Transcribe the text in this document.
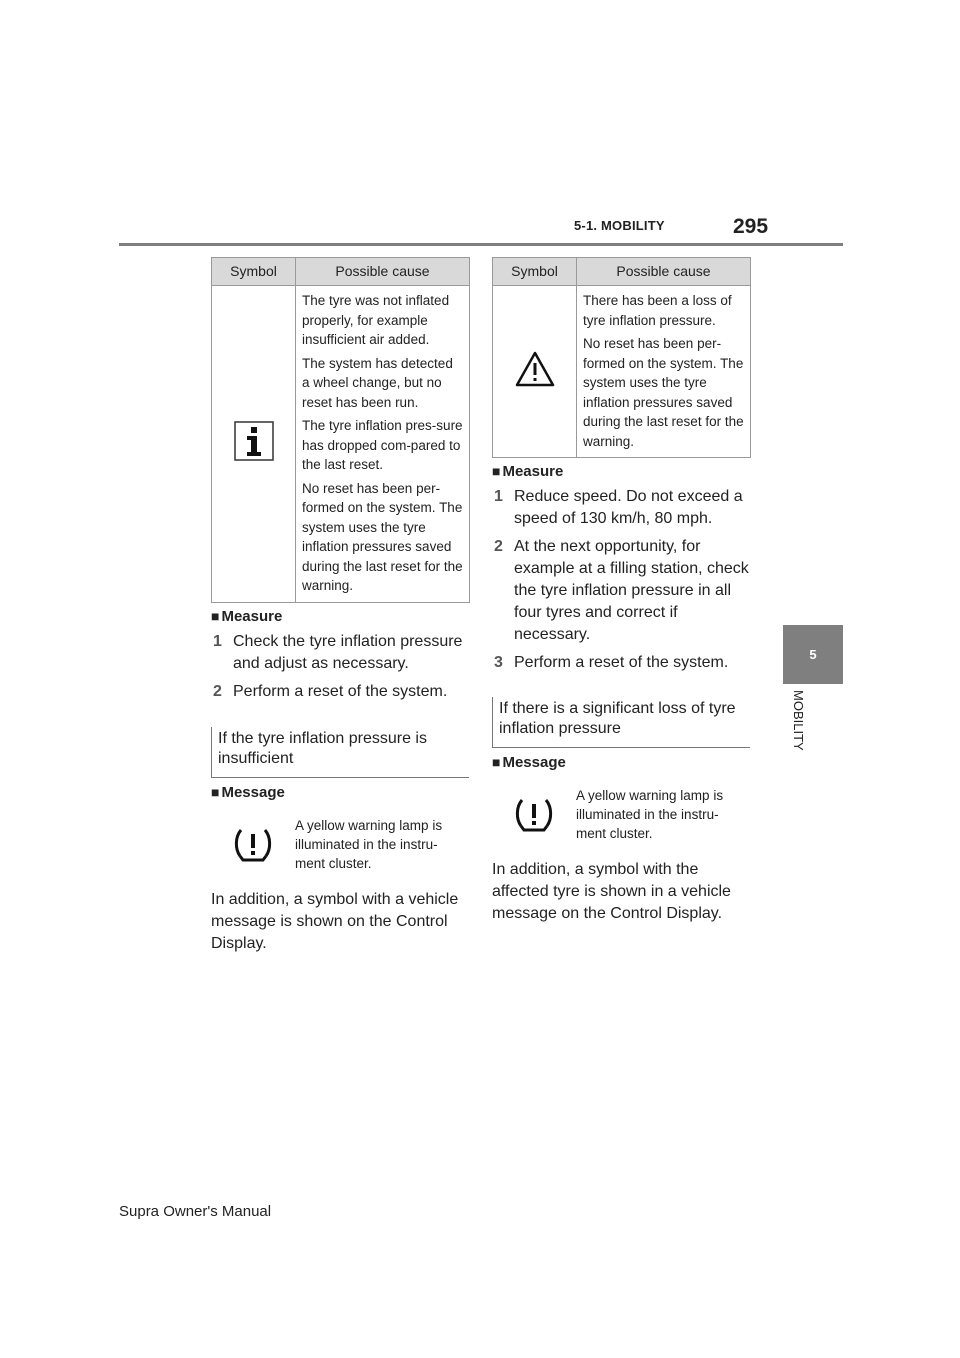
5-1. MOBILITY	295
5
MOBILITY
Symbol	Possible cause

The tyre was not inflated properly, for example insufficient air added.

The system has detected a wheel change, but no reset has been run.

The tyre inflation pres-sure has dropped com-pared to the last reset.

No reset has been per-formed on the system. The system uses the tyre inflation pressures saved during the last reset for the warning.

■ Measure

1 Check the tyre inflation pressure and adjust as necessary.
2 Perform a reset of the system.
If the tyre inflation pressure is insufficient

■ Message

A yellow warning lamp is illuminated in the instru-ment cluster.

In addition, a symbol with a vehicle message is shown on the Control Display.

Symbol	Possible cause

There has been a loss of tyre inflation pressure.

No reset has been per-formed on the system. The system uses the tyre inflation pressures saved during the last reset for the warning.

■ Measure

1 Reduce speed. Do not exceed a speed of 130 km/h, 80 mph.
2 At the next opportunity, for example at a filling station, check the tyre inflation pressure in all four tyres and correct if necessary.
3 Perform a reset of the system.
If there is a significant loss of tyre inflation pressure

■ Message

A yellow warning lamp is illuminated in the instru-ment cluster.

In addition, a symbol with the affected tyre is shown in a vehicle message on the Control Display.

Supra Owner's Manual
